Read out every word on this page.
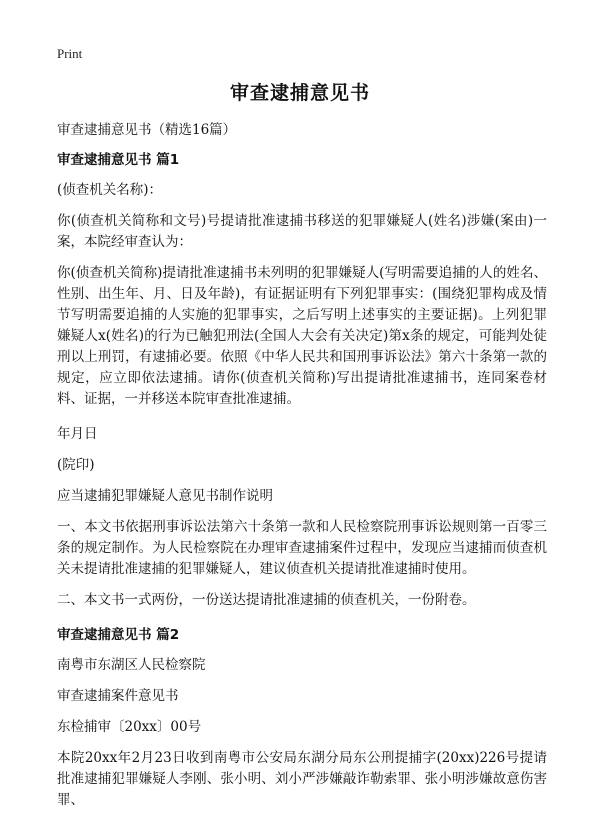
Print
审查逮捕意见书

审查逮捕意见书（精选16篇）

审查逮捕意见书 篇1

(侦查机关名称)：

你(侦查机关简称和文号)号提请批准逮捕书移送的犯罪嫌疑人(姓名)涉嫌(案由)一案，本院经审查认为：

你(侦查机关简称)提请批准逮捕书未列明的犯罪嫌疑人(写明需要追捕的人的姓名、性别、出生年、月、日及年龄)，有证据证明有下列犯罪事实：(围绕犯罪构成及情节写明需要追捕的人实施的犯罪事实，之后写明上述事实的主要证据)。上列犯罪嫌疑人x(姓名)的行为已触犯刑法(全国人大会有关决定)第x条的规定，可能判处徒刑以上刑罚，有逮捕必要。依照《中华人民共和国刑事诉讼法》第六十条第一款的规定，应立即依法逮捕。请你(侦查机关简称)写出提请批准逮捕书，连同案卷材料、证据，一并移送本院审查批准逮捕。

年月日

(院印)

应当逮捕犯罪嫌疑人意见书制作说明

一、本文书依据刑事诉讼法第六十条第一款和人民检察院刑事诉讼规则第一百零三条的规定制作。为人民检察院在办理审查逮捕案件过程中，发现应当逮捕而侦查机关未提请批准逮捕的犯罪嫌疑人，建议侦查机关提请批准逮捕时使用。

二、本文书一式两份，一份送达提请批准逮捕的侦查机关，一份附卷。

审查逮捕意见书 篇2

南粤市东湖区人民检察院

审查逮捕案件意见书

东检捕审〔20xx〕00号

本院20xx年2月23日收到南粤市公安局东湖分局东公刑提捕字(20xx)226号提请批准逮捕犯罪嫌疑人李刚、张小明、刘小严涉嫌敲诈勒索罪、张小明涉嫌故意伤害罪、
